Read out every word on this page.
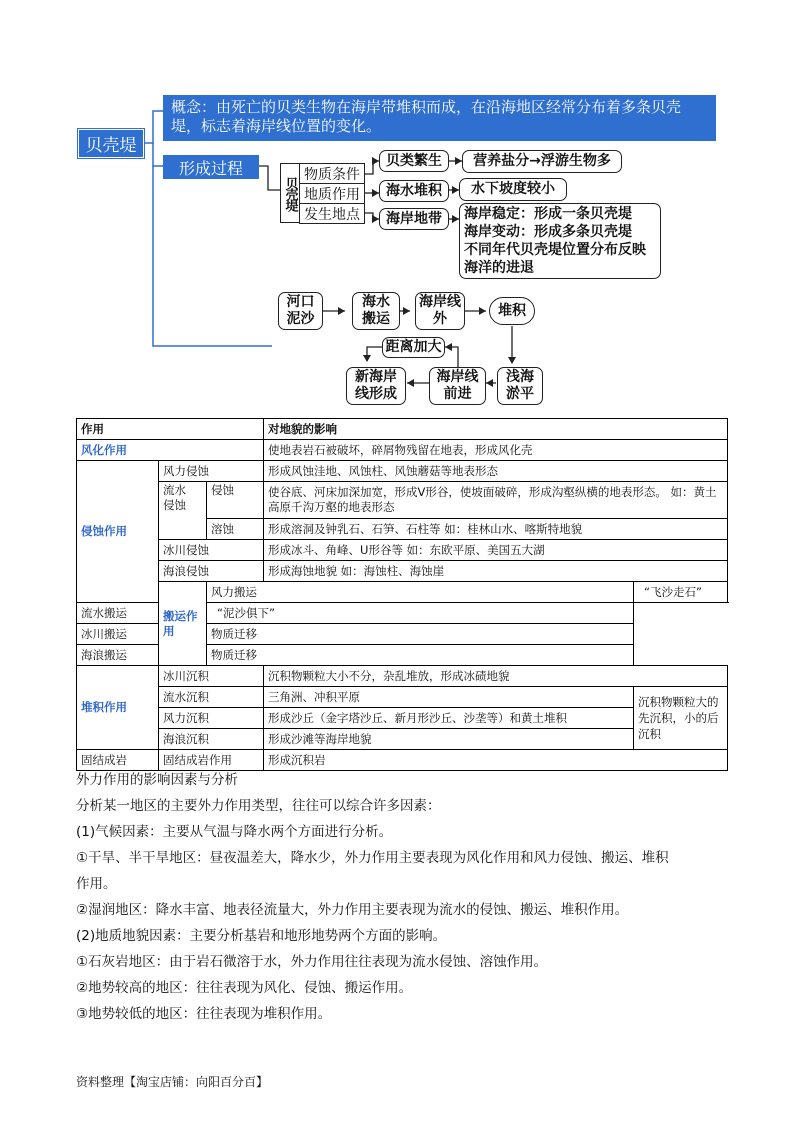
贝壳堤
概念：由死亡的贝类生物在海岸带堆积而成，在沿海地区经常分布着多条贝壳堤，标志着海岸线位置的变化。
形成过程
贝壳堤
物质条件
地质作用
发生地点
贝类繁生
海水堆积
海岸地带
营养盐分→浮游生物多
水下坡度较小
海岸稳定：形成一条贝壳堤
海岸变动：形成多条贝壳堤
不同年代贝壳堤位置分布反映海洋的进退
河口泥沙
海水搬运
海岸线外
堆积
浅海淤平
海岸线前进
新海岸线形成
距离加大
作用			对地貌的影响	
风化作用			使地表岩石被破坏，碎屑物残留在地表，形成风化壳	
侵蚀作用	风力侵蚀		形成风蚀洼地、风蚀柱、风蚀蘑菇等地表形态	
	流水侵蚀	侵蚀	使谷底、河床加深加宽，形成V形谷，使坡面破碎，形成沟壑纵横的地表形态。 如：黄土高原千沟万壑的地表形态	
		溶蚀	形成溶洞及钟乳石、石笋、石柱等 如：桂林山水、喀斯特地貌	
	冰川侵蚀		形成冰斗、角峰、U形谷等 如：东欧平原、美国五大湖	
	海浪侵蚀		形成海蚀地貌 如：海蚀柱、海蚀崖	
	搬运作用	风力搬运		“飞沙走石”
流水搬运		“泥沙俱下”		
冰川搬运		物质迁移		
海浪搬运		物质迁移		
堆积作用	冰川沉积		沉积物颗粒大小不分，杂乱堆放，形成冰碛地貌	
	流水沉积		三角洲、冲积平原	沉积物颗粒大的先沉积，小的后沉积
	风力沉积		形成沙丘（金字塔沙丘、新月形沙丘、沙垄等）和黄土堆积	
	海浪沉积		形成沙滩等海岸地貌	
固结成岩	固结成岩作用		形成沉积岩	
外力作用的影响因素与分析
分析某一地区的主要外力作用类型，往往可以综合许多因素：
(1)气候因素：主要从气温与降水两个方面进行分析。
①干旱、半干旱地区：昼夜温差大，降水少，外力作用主要表现为风化作用和风力侵蚀、搬运、堆积
作用。
②湿润地区：降水丰富、地表径流量大，外力作用主要表现为流水的侵蚀、搬运、堆积作用。
(2)地质地貌因素：主要分析基岩和地形地势两个方面的影响。
①石灰岩地区：由于岩石微溶于水，外力作用往往表现为流水侵蚀、溶蚀作用。
②地势较高的地区：往往表现为风化、侵蚀、搬运作用。
③地势较低的地区：往往表现为堆积作用。
资料整理【淘宝店铺：向阳百分百】
